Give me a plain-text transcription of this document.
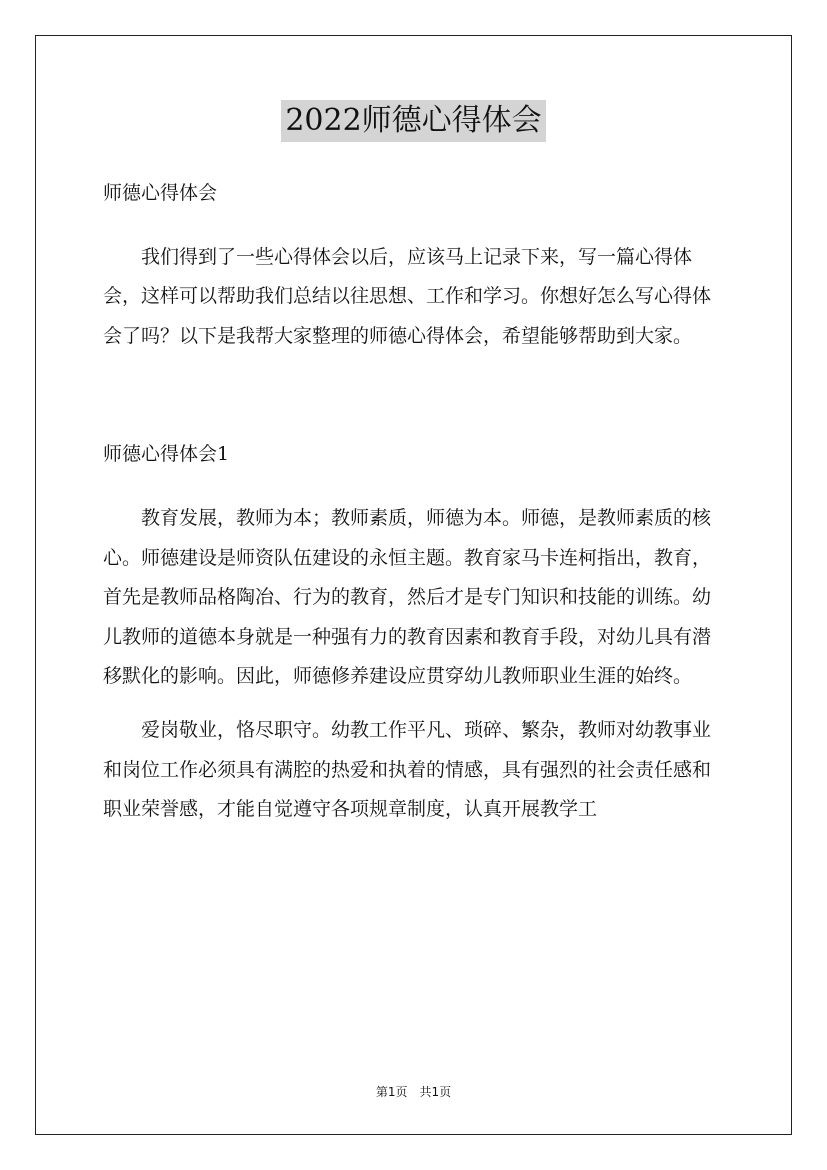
2022师德心得体会

师德心得体会

我们得到了一些心得体会以后，应该马上记录下来，写一篇心得体会，这样可以帮助我们总结以往思想、工作和学习。你想好怎么写心得体会了吗？以下是我帮大家整理的师德心得体会，希望能够帮助到大家。

师德心得体会1

教育发展，教师为本；教师素质，师德为本。师德，是教师素质的核心。师德建设是师资队伍建设的永恒主题。教育家马卡连柯指出，教育，首先是教师品格陶冶、行为的教育，然后才是专门知识和技能的训练。幼儿教师的道德本身就是一种强有力的教育因素和教育手段，对幼儿具有潜移默化的影响。因此，师德修养建设应贯穿幼儿教师职业生涯的始终。

爱岗敬业，恪尽职守。幼教工作平凡、琐碎、繁杂，教师对幼教事业和岗位工作必须具有满腔的热爱和执着的情感，具有强烈的社会责任感和职业荣誉感，才能自觉遵守各项规章制度，认真开展教学工

第1页　共1页
